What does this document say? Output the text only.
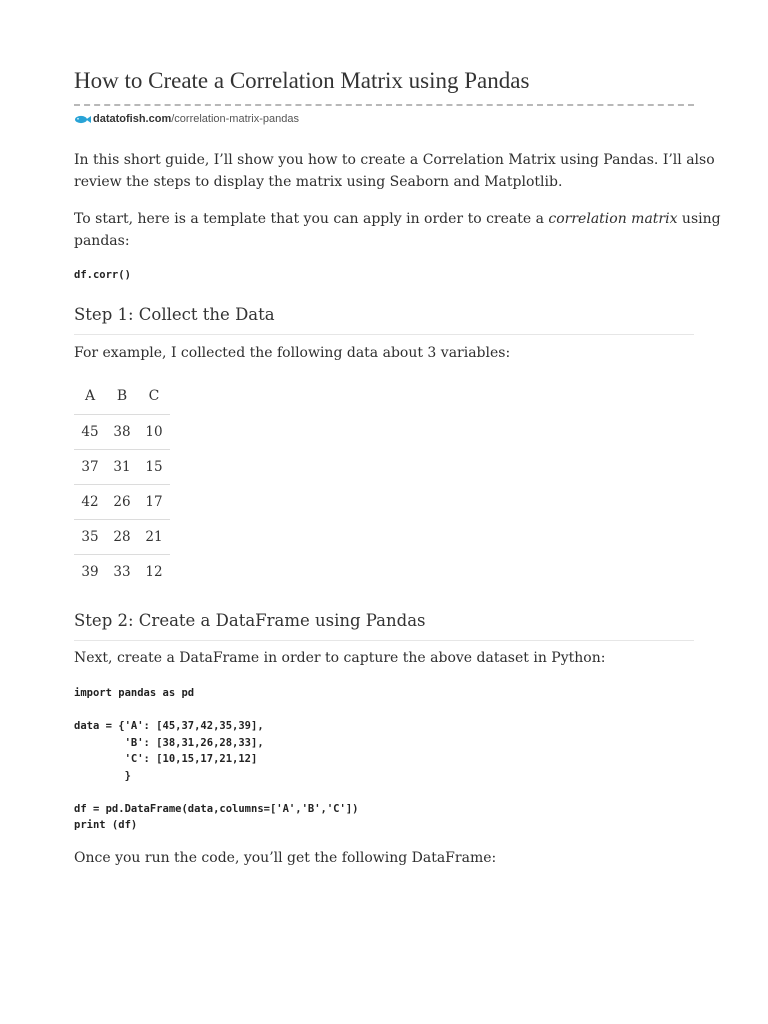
How to Create a Correlation Matrix using Pandas
datatofish.com /correlation-matrix-pandas

In this short guide, I’ll show you how to create a Correlation Matrix using Pandas. I’ll also
review the steps to display the matrix using Seaborn and Matplotlib.

To start, here is a template that you can apply in order to create a correlation matrix using
pandas:

df.corr()
Step 1: Collect the Data

For example, I collected the following data about 3 variables:

A	B	C
45	38	10
37	31	15
42	26	17
35	28	21
39	33	12
Step 2: Create a DataFrame using Pandas

Next, create a DataFrame in order to capture the above dataset in Python:

import pandas as pd

data = {'A': [45,37,42,35,39],
'B': [38,31,26,28,33],
'C': [10,15,17,21,12]
}

df = pd.DataFrame(data,columns=['A','B','C'])
print (df)

Once you run the code, you’ll get the following DataFrame:
